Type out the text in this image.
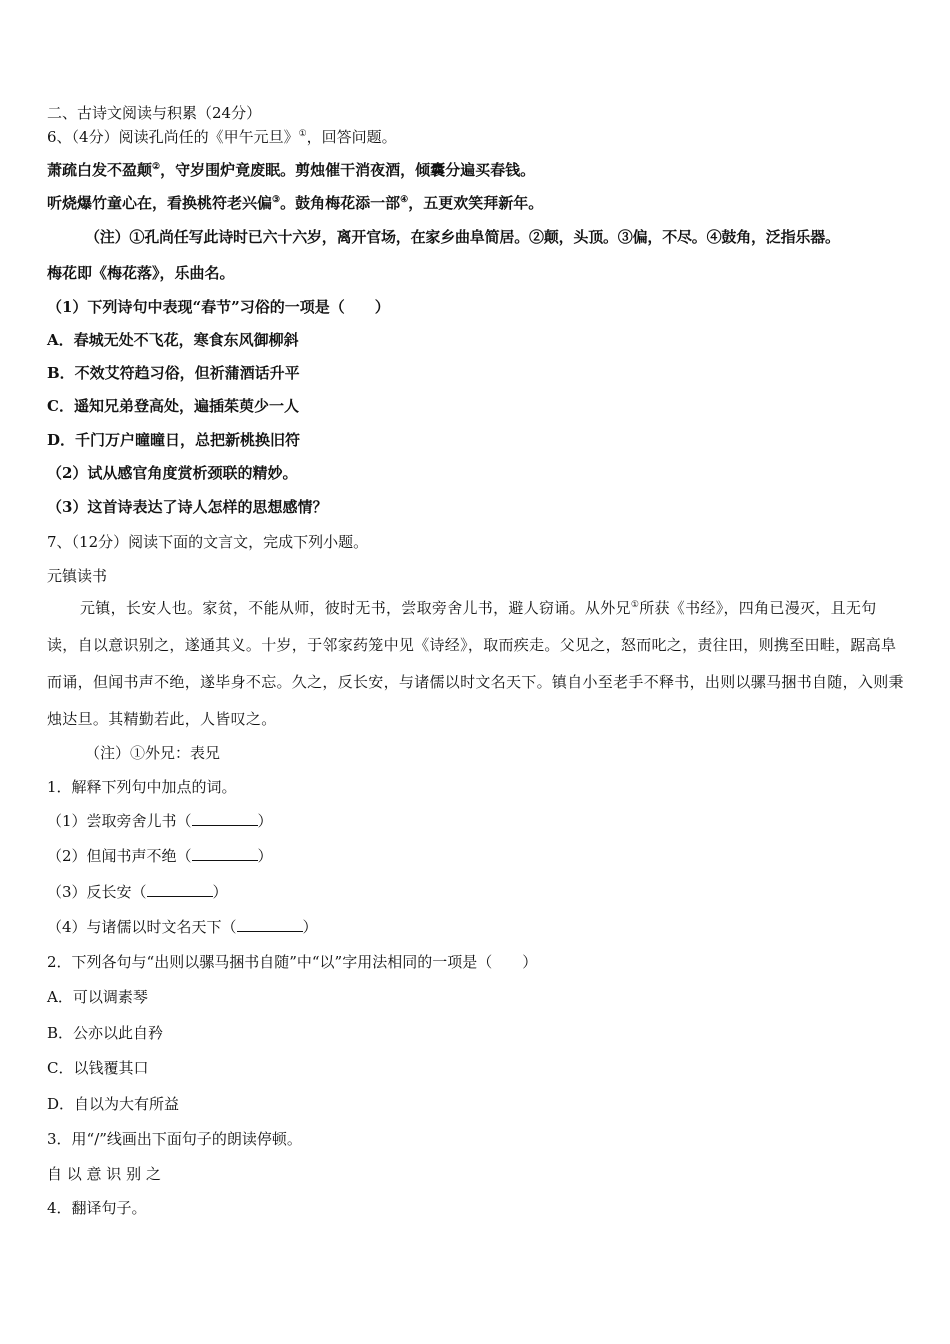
二、古诗文阅读与积累（24分）
6、（4分）阅读孔尚任的《甲午元旦》①，回答问题。
萧疏白发不盈颠②，守岁围炉竟废眠。剪烛催干消夜酒，倾囊分遍买春钱。
听烧爆竹童心在，看换桃符老兴偏③。鼓角梅花添一部④，五更欢笑拜新年。
（注）①孔尚任写此诗时已六十六岁，离开官场，在家乡曲阜简居。②颠，头顶。③偏，不尽。④鼓角，泛指乐器。
梅花即《梅花落》，乐曲名。
（1）下列诗句中表现“春节”习俗的一项是（　　）
A．春城无处不飞花，寒食东风御柳斜
B．不效艾符趋习俗，但祈蒲酒话升平
C．遥知兄弟登高处，遍插茱萸少一人
D．千门万户曈曈日，总把新桃换旧符
（2）试从感官角度赏析颈联的精妙。
（3）这首诗表达了诗人怎样的思想感情？
7、（12分）阅读下面的文言文，完成下列小题。
元镇读书
元镇，长安人也。家贫，不能从师，彼时无书，尝取旁舍儿书，避人窃诵。从外兄①所获《书经》，四角已漫灭，且无句读，自以意识别之，遂通其义。十岁，于邻家药笼中见《诗经》，取而疾走。父见之，怒而叱之，责往田，则携至田畦，踞高阜而诵，但闻书声不绝，遂毕身不忘。久之，反长安，与诸儒以时文名天下。镇自小至老手不释书，出则以骡马捆书自随，入则秉烛达旦。其精勤若此，人皆叹之。
（注）①外兄：表兄
1．解释下列句中加点的词。
（1）尝取旁舍儿书（	）
（2）但闻书声不绝（	）
（3）反长安（	）
（4）与诸儒以时文名天下（	）
2．下列各句与“出则以骡马捆书自随”中“以”字用法相同的一项是（　　）
A．可以调素琴
B．公亦以此自矜
C．以钱覆其口
D．自以为大有所益
3．用“/”线画出下面句子的朗读停顿。
自 以 意 识 别 之
4．翻译句子。
